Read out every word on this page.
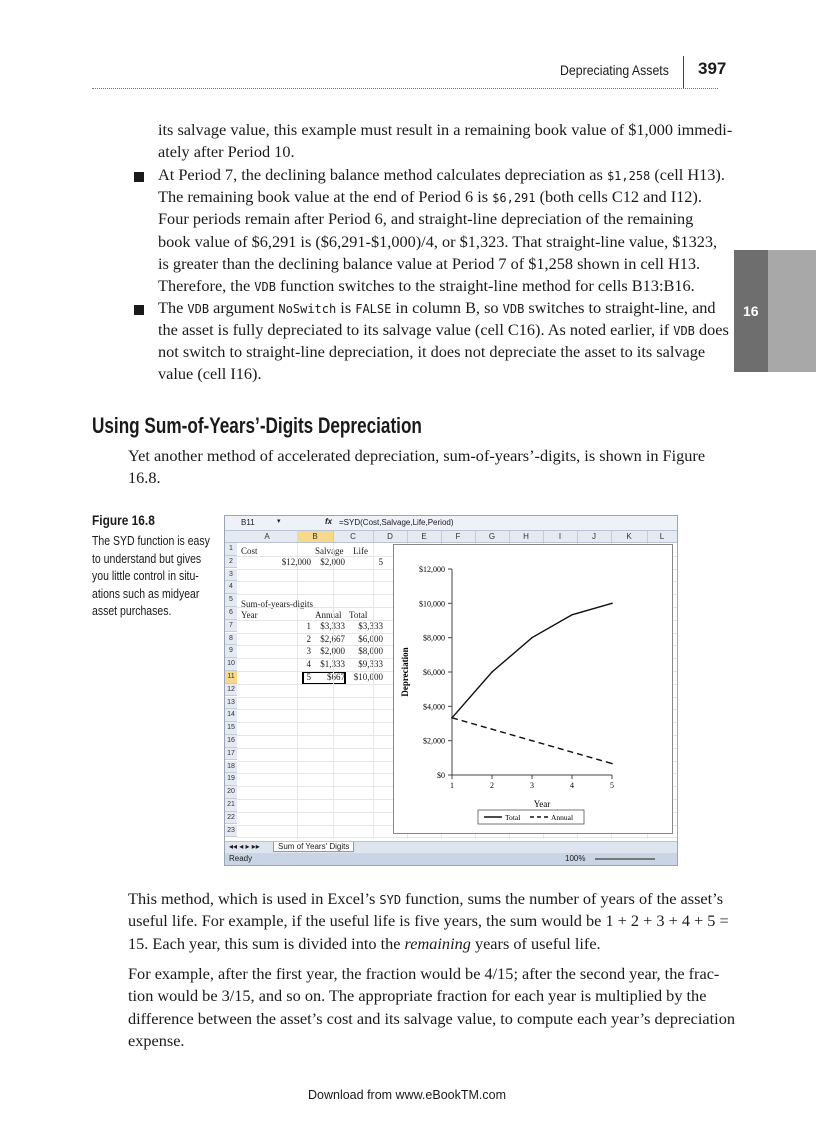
Depreciating Assets 397
16
its salvage value, this example must result in a remaining book value of $1,000 immedi-
ately after Period 10.
At Period 7, the declining balance method calculates depreciation as $1,258 (cell H13).
The remaining book value at the end of Period 6 is $6,291 (both cells C12 and I12).
Four periods remain after Period 6, and straight-line depreciation of the remaining
book value of $6,291 is ($6,291-$1,000)/4, or $1,323. That straight-line value, $1323,
is greater than the declining balance value at Period 7 of $1,258 shown in cell H13.
Therefore, the VDB function switches to the straight-line method for cells B13:B16.
The VDB argument NoSwitch is FALSE in column B, so VDB switches to straight-line, and
the asset is fully depreciated to its salvage value (cell C16). As noted earlier, if VDB does
not switch to straight-line depreciation, it does not depreciate the asset to its salvage
value (cell I16).
Using Sum-of-Years’-Digits Depreciation
Yet another method of accelerated depreciation, sum-of-years’-digits, is shown in Figure
16.8.
Figure 16.8
The SYD function is easy to understand but gives you little control in situ-ations such as midyear asset purchases.
B11	▾	fx =SYD(Cost,Salvage,Life,Period)
A	B	C	D	E	F	G	H	I	J	K	L
1
2
3
4
5
6
7
8
9
10
11
12
13
14
15
16
17
18
19
20
21
22
23
Cost	Salvage Life
$12,000	$2,000	5
Sum-of-years-digits
Year	Annual Total
1	$3,333	$3,333
2	$2,667	$6,000
3	$2,000	$8,000
4	$1,333	$9,333
5	$667 $10,000
$0
$2,000
$4,000
$6,000
$8,000
$10,000
$12,000
1	2	3	4	5
Year
Depreciation
Total	Annual
◂◂ ◂ ▸ ▸▸	Sum of Years' Digits
Ready	100%
This method, which is used in Excel’s SYD function, sums the number of years of the asset’s
useful life. For example, if the useful life is five years, the sum would be 1 + 2 + 3 + 4 + 5 =
15. Each year, this sum is divided into the remaining years of useful life.
For example, after the first year, the fraction would be 4/15; after the second year, the frac-
tion would be 3/15, and so on. The appropriate fraction for each year is multiplied by the
difference between the asset’s cost and its salvage value, to compute each year’s depreciation
expense.
Download from www.eBookTM.com
